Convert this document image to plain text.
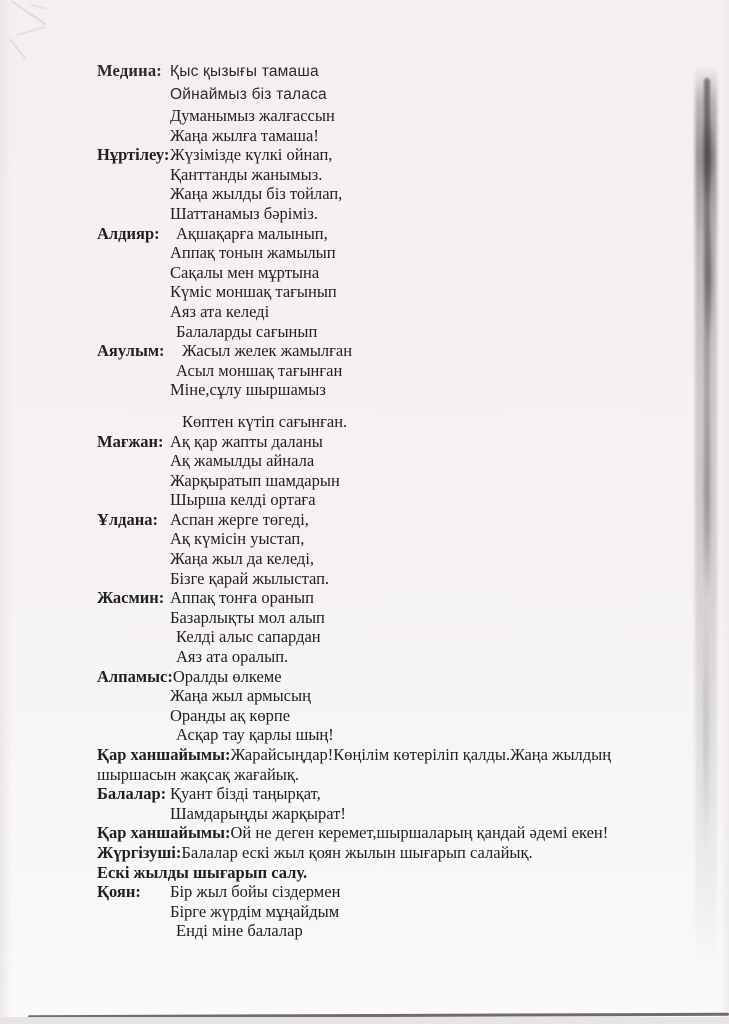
Медина: Қыс қызығы тамаша
Ойнаймыз біз таласа
Думанымыз жалғассын
Жаңа жылға тамаша!
Нұртілеу:Жүзімізде күлкі ойнап,
Қанттанды жанымыз.
Жаңа жылды біз тойлап,
Шаттанамыз бәріміз.
Алдияр: Ақшақарға малынып,
Аппақ тонын жамылып
Сақалы мен мұртына
Күміс моншақ тағынып
Аяз ата келеді
Балаларды сағынып
Аяулым: Жасыл желек жамылған
Асыл моншақ тағынған
Міне,сұлу шыршамыз
Көптен күтіп сағынған.
Мағжан: Ақ қар жапты даланы
Ақ жамылды айнала
Жарқыратып шамдарын
Шырша келді ортаға
Ұлдана: Аспан жерге төгеді,
Ақ күмісін уыстап,
Жаңа жыл да келеді,
Бізге қарай жылыстап.
Жасмин: Аппақ тонға оранып
Базарлықты мол алып
Келді алыс сапардан
Аяз ата оралып.
Алпамыс:Оралды өлкеме
Жаңа жыл армысың
Оранды ақ көрпе
Асқар тау қарлы шың!
Қар ханшайымы:Жарайсыңдар!Көңілім көтеріліп қалды.Жаңа жылдың
шыршасын жақсақ жағайық.
Балалар: Қуант бізді таңырқат,
Шамдарыңды жарқырат!
Қар ханшайымы:Ой не деген керемет,шыршаларың қандай әдемі екен!
Жүргізуші:Балалар ескі жыл қоян жылын шығарып салайық.
Ескі жылды шығарып салу.
Қоян: Бір жыл бойы сіздермен
Бірге жүрдім мұңайдым
Енді міне балалар
